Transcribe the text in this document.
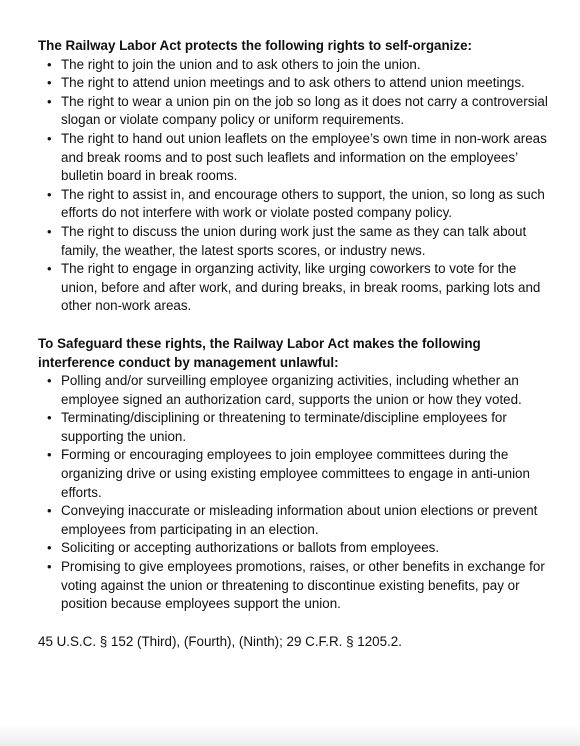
The Railway Labor Act protects the following rights to self-organize:

• The right to join the union and to ask others to join the union.
• The right to attend union meetings and to ask others to attend union meetings.
• The right to wear a union pin on the job so long as it does not carry a controversial slogan or violate company policy or uniform requirements.
• The right to hand out union leaflets on the employee’s own time in non-work areas and break rooms and to post such leaflets and information on the employees’ bulletin board in break rooms.
• The right to assist in, and encourage others to support, the union, so long as such efforts do not interfere with work or violate posted company policy.
• The right to discuss the union during work just the same as they can talk about family, the weather, the latest sports scores, or industry news.
• The right to engage in organzing activity, like urging coworkers to vote for the union, before and after work, and during breaks, in break rooms, parking lots and other non-work areas.

To Safeguard these rights, the Railway Labor Act makes the following interference conduct by management unlawful:

• Polling and/or surveilling employee organizing activities, including whether an employee signed an authorization card, supports the union or how they voted.
• Terminating/disciplining or threatening to terminate/discipline employees for supporting the union.
• Forming or encouraging employees to join employee committees during the organizing drive or using existing employee committees to engage in anti-union efforts.
• Conveying inaccurate or misleading information about union elections or prevent employees from participating in an election.
• Soliciting or accepting authorizations or ballots from employees.
• Promising to give employees promotions, raises, or other benefits in exchange for voting against the union or threatening to discontinue existing benefits, pay or position because employees support the union.

45 U.S.C. § 152 (Third), (Fourth), (Ninth); 29 C.F.R. § 1205.2.
